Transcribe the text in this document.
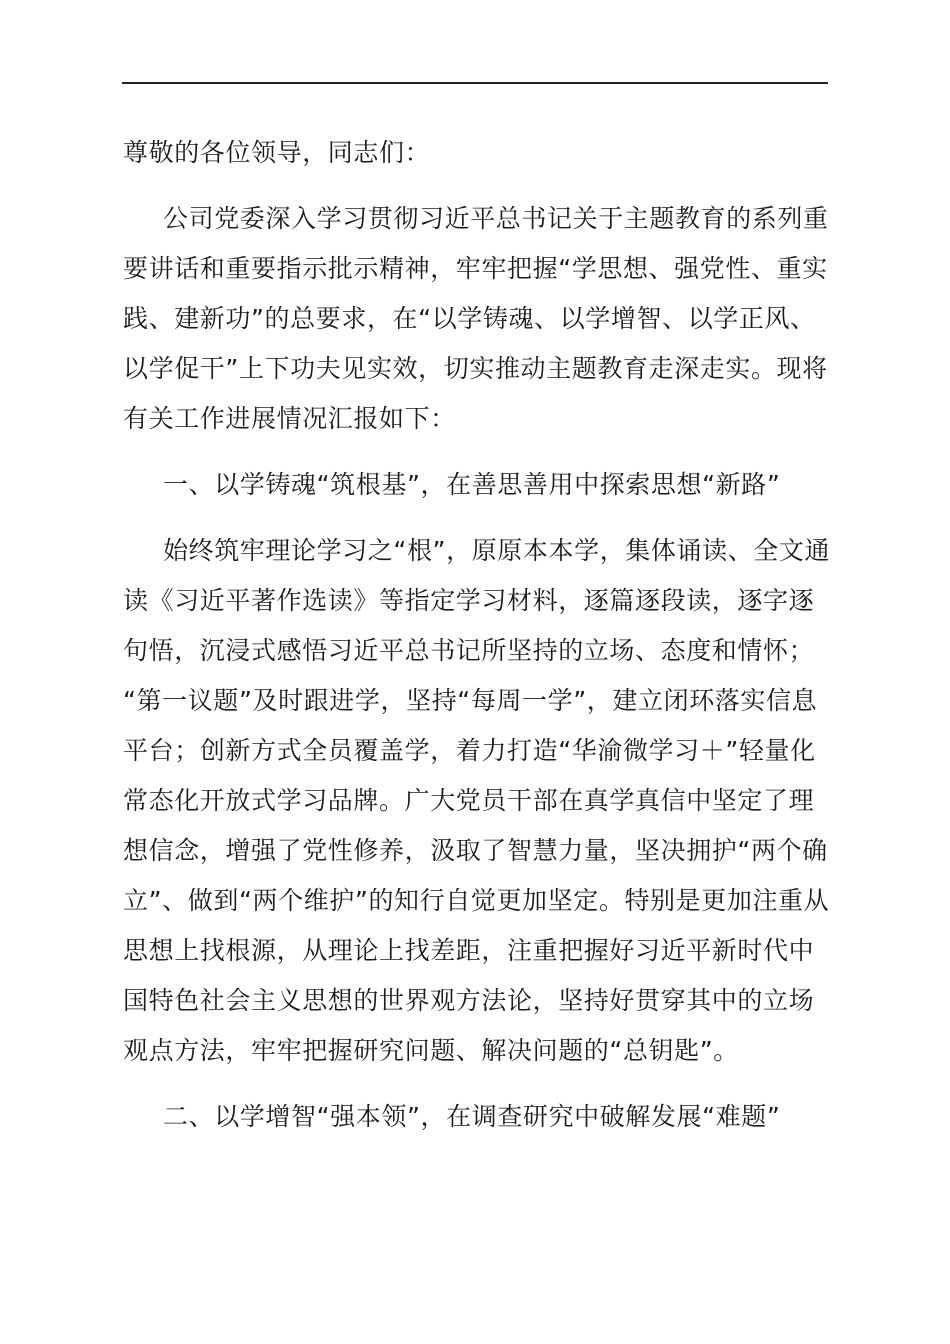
尊敬的各位领导，同志们：
公司党委深入学习贯彻习近平总书记关于主题教育的系列重
要讲话和重要指示批示精神，牢牢把握“学思想、强党性、重实
践、建新功”的总要求，在“以学铸魂、以学增智、以学正风、
以学促干”上下功夫见实效，切实推动主题教育走深走实。现将
有关工作进展情况汇报如下：
一、以学铸魂“筑根基”，在善思善用中探索思想“新路”
始终筑牢理论学习之“根”，原原本本学，集体诵读、全文通
读《习近平著作选读》等指定学习材料，逐篇逐段读，逐字逐
句悟，沉浸式感悟习近平总书记所坚持的立场、态度和情怀；
“第一议题”及时跟进学，坚持“每周一学”，建立闭环落实信息
平台；创新方式全员覆盖学，着力打造“华渝微学习＋”轻量化
常态化开放式学习品牌。广大党员干部在真学真信中坚定了理
想信念，增强了党性修养，汲取了智慧力量，坚决拥护“两个确
立”、做到“两个维护”的知行自觉更加坚定。特别是更加注重从
思想上找根源，从理论上找差距，注重把握好习近平新时代中
国特色社会主义思想的世界观方法论，坚持好贯穿其中的立场
观点方法，牢牢把握研究问题、解决问题的“总钥匙”。
二、以学增智“强本领”，在调查研究中破解发展“难题”
